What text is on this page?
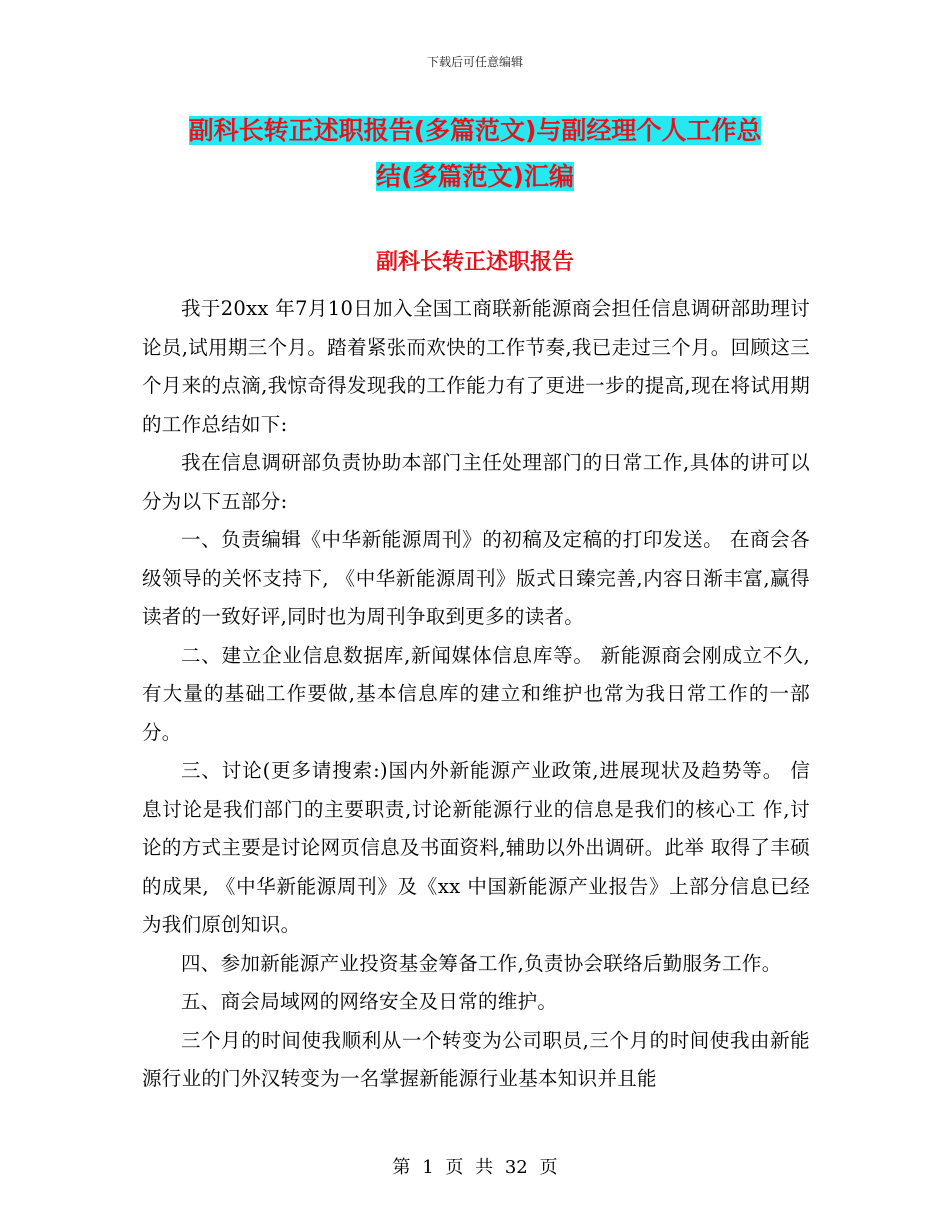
下载后可任意编辑
副科长转正述职报告(多篇范文)与副经理个人工作总
结(多篇范文)汇编
副科长转正述职报告

我于20xx 年7月10日加入全国工商联新能源商会担任信息调研部助理讨论员,试用期三个月。踏着紧张而欢快的工作节奏,我已走过三个月。回顾这三个月来的点滴,我惊奇得发现我的工作能力有了更进一步的提高,现在将试用期的工作总结如下:

我在信息调研部负责协助本部门主任处理部门的日常工作,具体的讲可以分为以下五部分:

一、负责编辑《中华新能源周刊》的初稿及定稿的打印发送。 在商会各级领导的关怀支持下, 《中华新能源周刊》版式日臻完善,内容日渐丰富,赢得读者的一致好评,同时也为周刊争取到更多的读者。

二、建立企业信息数据库,新闻媒体信息库等。 新能源商会刚成立不久,有大量的基础工作要做,基本信息库的建立和维护也常为我日常工作的一部分。

三、讨论(更多请搜索:)国内外新能源产业政策,进展现状及趋势等。 信息讨论是我们部门的主要职责,讨论新能源行业的信息是我们的核心工 作,讨论的方式主要是讨论网页信息及书面资料,辅助以外出调研。此举 取得了丰硕的成果, 《中华新能源周刊》及《xx 中国新能源产业报告》上部分信息已经为我们原创知识。

四、参加新能源产业投资基金筹备工作,负责协会联络后勤服务工作。

五、商会局域网的网络安全及日常的维护。

三个月的时间使我顺利从一个转变为公司职员,三个月的时间使我由新能源行业的门外汉转变为一名掌握新能源行业基本知识并且能

第 1 页 共 32 页
